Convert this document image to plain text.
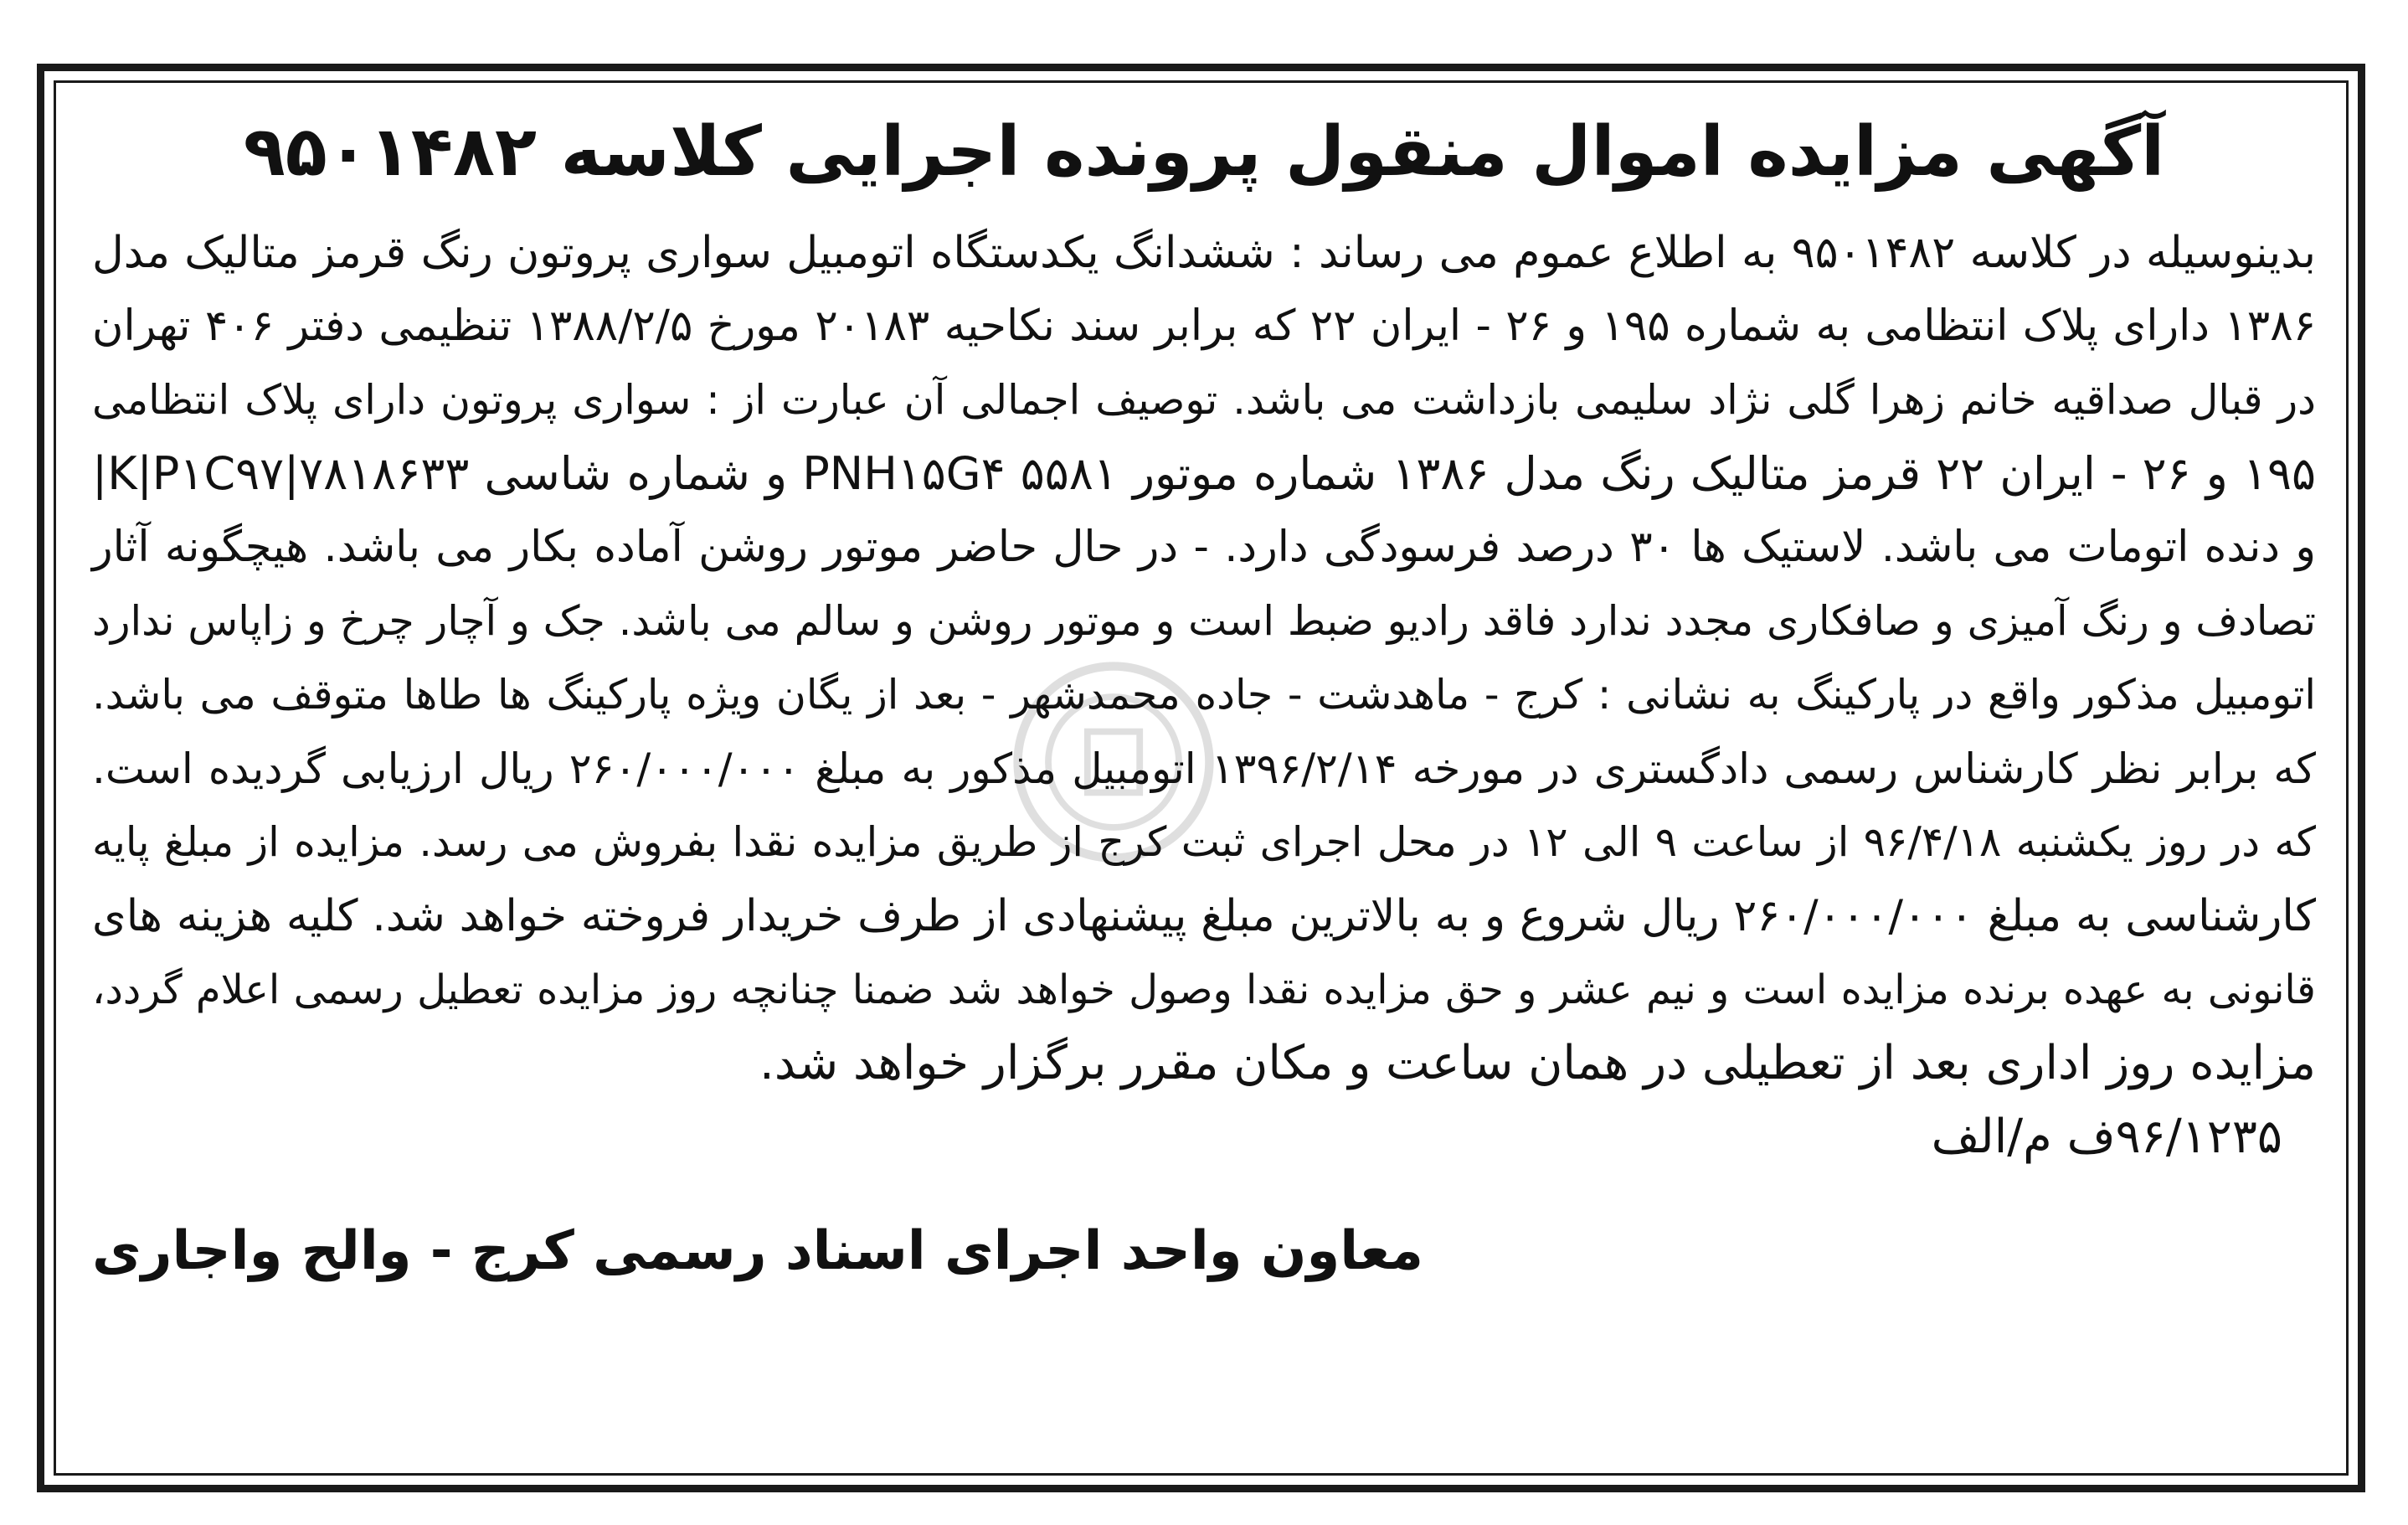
آگهی مزایده اموال منقول پرونده اجرایی کلاسه ۹۵۰۱۴۸۲
بدینوسیله در کلاسه ۹۵۰۱۴۸۲ به اطلاع عموم می رساند : ششدانگ یکدستگاه اتومبیل سواری پروتون رنگ قرمز متالیک مدل
۱۳۸۶ دارای پلاک انتظامی به شماره ۱۹۵ و ۲۶ - ایران ۲۲ که برابر سند نکاحیه ۲۰۱۸۳ مورخ ۱۳۸۸/۲/۵ تنظیمی دفتر ۴۰۶ تهران
در قبال صداقیه خانم زهرا گلی نژاد سلیمی بازداشت می باشد. توصیف اجمالی آن عبارت از : سواری پروتون دارای پلاک انتظامی
۱۹۵ و ۲۶ - ایران ۲۲ قرمز متالیک رنگ مدل ۱۳۸۶ شماره موتور PNH۱۵G۴ ۵۵۸۱ و شماره شاسی ۷۸۱۸۶۳۳|K|P۱C۹۷|
و دنده اتومات می باشد. لاستیک ها ۳۰ درصد فرسودگی دارد. - در حال حاضر موتور روشن آماده بکار می باشد. هیچگونه آثار
تصادف و رنگ آمیزی و صافکاری مجدد ندارد فاقد رادیو ضبط است و موتور روشن و سالم می باشد. جک و آچار چرخ و زاپاس ندارد
اتومبیل مذکور واقع در پارکینگ به نشانی : کرج - ماهدشت - جاده محمدشهر - بعد از یگان ویژه پارکینگ ها طاها متوقف می باشد.
که برابر نظر کارشناس رسمی دادگستری در مورخه ۱۳۹۶/۲/۱۴ اتومبیل مذکور به مبلغ ۲۶۰/۰۰۰/۰۰۰ ریال ارزیابی گردیده است.
که در روز یکشنبه ۹۶/۴/۱۸ از ساعت ۹ الی ۱۲ در محل اجرای ثبت کرج از طریق مزایده نقدا بفروش می رسد. مزایده از مبلغ پایه
کارشناسی به مبلغ ۲۶۰/۰۰۰/۰۰۰ ریال شروع و به بالاترین مبلغ پیشنهادی از طرف خریدار فروخته خواهد شد. کلیه هزینه های
قانونی به عهده برنده مزایده است و نیم عشر و حق مزایده نقدا وصول خواهد شد ضمنا چنانچه روز مزایده تعطیل رسمی اعلام گردد،
مزایده روز اداری بعد از تعطیلی در همان ساعت و مکان مقرر برگزار خواهد شد.
۹۶/۱۲۳۵ف م/الف
معاون واحد اجرای اسناد رسمی کرج - والح واجاری
